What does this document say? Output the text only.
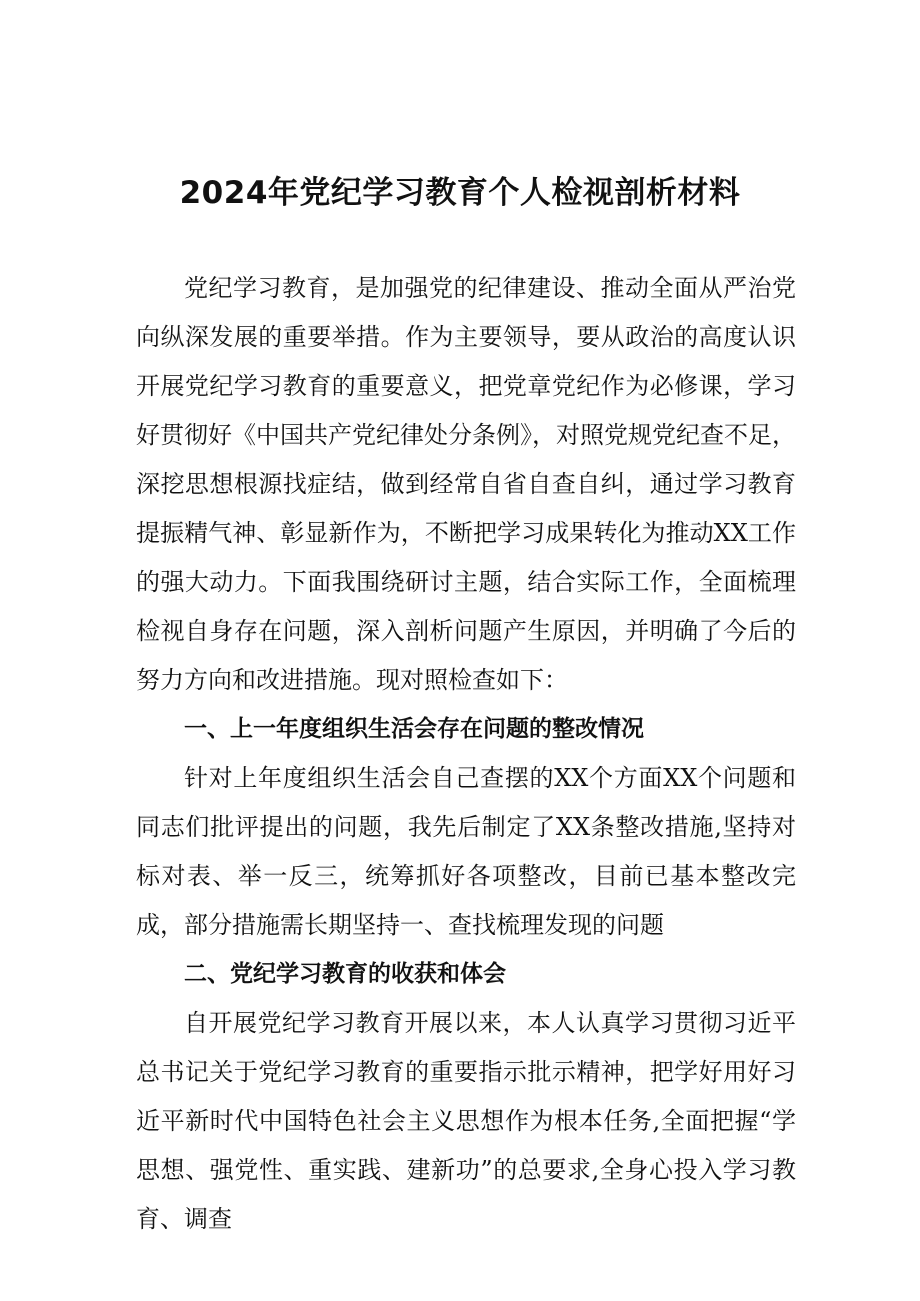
2024年党纪学习教育个人检视剖析材料

党纪学习教育，是加强党的纪律建设、推动全面从严治党向纵深发展的重要举措。作为主要领导，要从政治的高度认识开展党纪学习教育的重要意义，把党章党纪作为必修课，学习好贯彻好《中国共产党纪律处分条例》，对照党规党纪查不足，深挖思想根源找症结，做到经常自省自查自纠，通过学习教育提振精气神、彰显新作为，不断把学习成果转化为推动XX工作的强大动力。下面我围绕研讨主题，结合实际工作，全面梳理检视自身存在问题，深入剖析问题产生原因，并明确了今后的努力方向和改进措施。现对照检查如下：

一、上一年度组织生活会存在问题的整改情况

针对上年度组织生活会自己查摆的XX个方面XX个问题和同志们批评提出的问题，我先后制定了XX条整改措施,坚持对标对表、举一反三，统筹抓好各项整改，目前已基本整改完成，部分措施需长期坚持一、查找梳理发现的问题

二、党纪学习教育的收获和体会

自开展党纪学习教育开展以来，本人认真学习贯彻习近平总书记关于党纪学习教育的重要指示批示精神，把学好用好习近平新时代中国特色社会主义思想作为根本任务,全面把握“学思想、强党性、重实践、建新功”的总要求,全身心投入学习教育、调查
